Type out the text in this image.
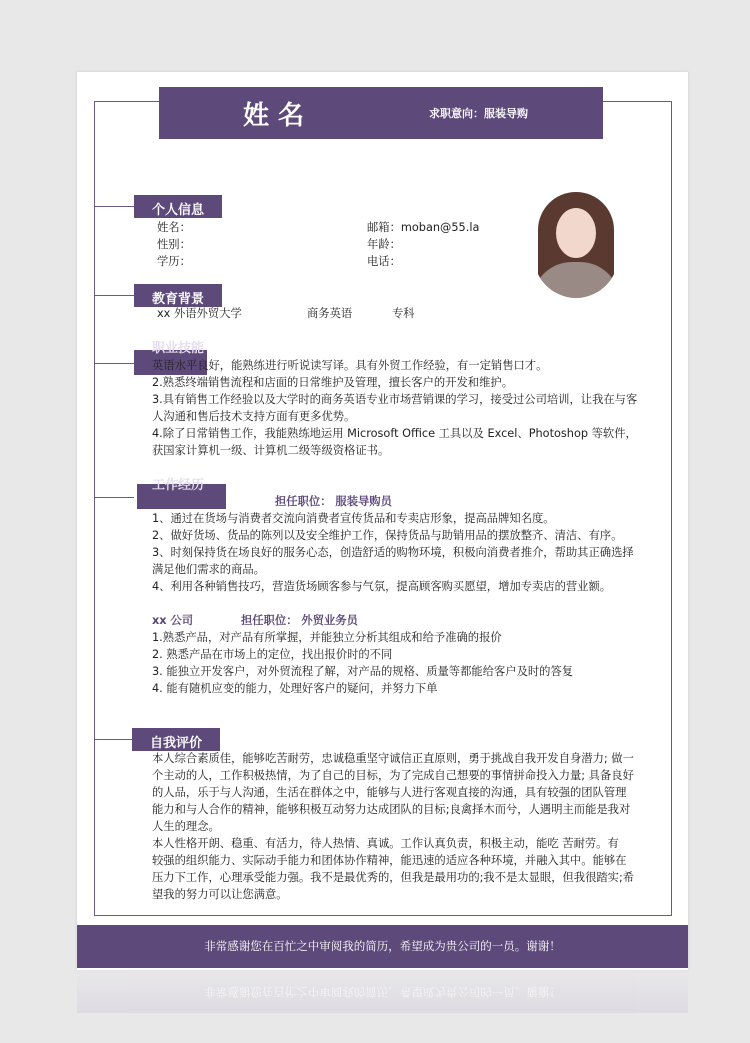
姓 名	求职意向：服装导购
个人信息
姓名：
性别：
学历：
邮箱：moban@55.la
年龄：
电话：
教育背景
xx 外语外贸大学	商务英语	专科
职业技能
英语水平良好，能熟练进行听说读写译。具有外贸工作经验，有一定销售口才。
2.熟悉终端销售流程和店面的日常维护及管理，擅长客户的开发和维护。
3.具有销售工作经验以及大学时的商务英语专业市场营销课的学习，接受过公司培训，让我在与客
人沟通和售后技术支持方面有更多优势。
4.除了日常销售工作，我能熟练地运用 Microsoft Office 工具以及 Excel、Photoshop 等软件，
获国家计算机一级、计算机二级等级资格证书。
工作经历
担任职位： 服装导购员
1、通过在货场与消费者交流向消费者宣传货品和专卖店形象，提高品牌知名度。
2、做好货场、货品的陈列以及安全维护工作，保持货品与助销用品的摆放整齐、清洁、有序。
3、时刻保持货在场良好的服务心态，创造舒适的购物环境，积极向消费者推介，帮助其正确选择
满足他们需求的商品。
4、利用各种销售技巧，营造货场顾客参与气氛，提高顾客购买愿望，增加专卖店的营业额。
xx 公司	担任职位： 外贸业务员
1.熟悉产品，对产品有所掌握，并能独立分析其组成和给予准确的报价
2. 熟悉产品在市场上的定位，找出报价时的不同
3. 能独立开发客户，对外贸流程了解，对产品的规格、质量等都能给客户及时的答复
4. 能有随机应变的能力，处理好客户的疑问，并努力下单
自我评价
本人综合素质佳，能够吃苦耐劳，忠诚稳重坚守诚信正直原则，勇于挑战自我开发自身潜力; 做一
个主动的人，工作积极热情，为了自己的目标，为了完成自己想要的事情拼命投入力量; 具备良好
的人品，乐于与人沟通，生活在群体之中，能够与人进行客观直接的沟通，具有较强的团队管理
能力和与人合作的精神，能够积极互动努力达成团队的目标;良禽择木而兮，人遇明主而能是我对
人生的理念。
本人性格开朗、稳重、有活力，待人热情、真诚。工作认真负责，积极主动，能吃 苦耐劳。有
较强的组织能力、实际动手能力和团体协作精神，能迅速的适应各种环境，并融入其中。能够在
压力下工作，心理承受能力强。我不是最优秀的，但我是最用功的;我不是太显眼，但我很踏实;希
望我的努力可以让您满意。
非常感谢您在百忙之中审阅我的简历，希望成为贵公司的一员。谢谢！
非常感谢您在百忙之中审阅我的简历，希望成为贵公司的一员。谢谢！
